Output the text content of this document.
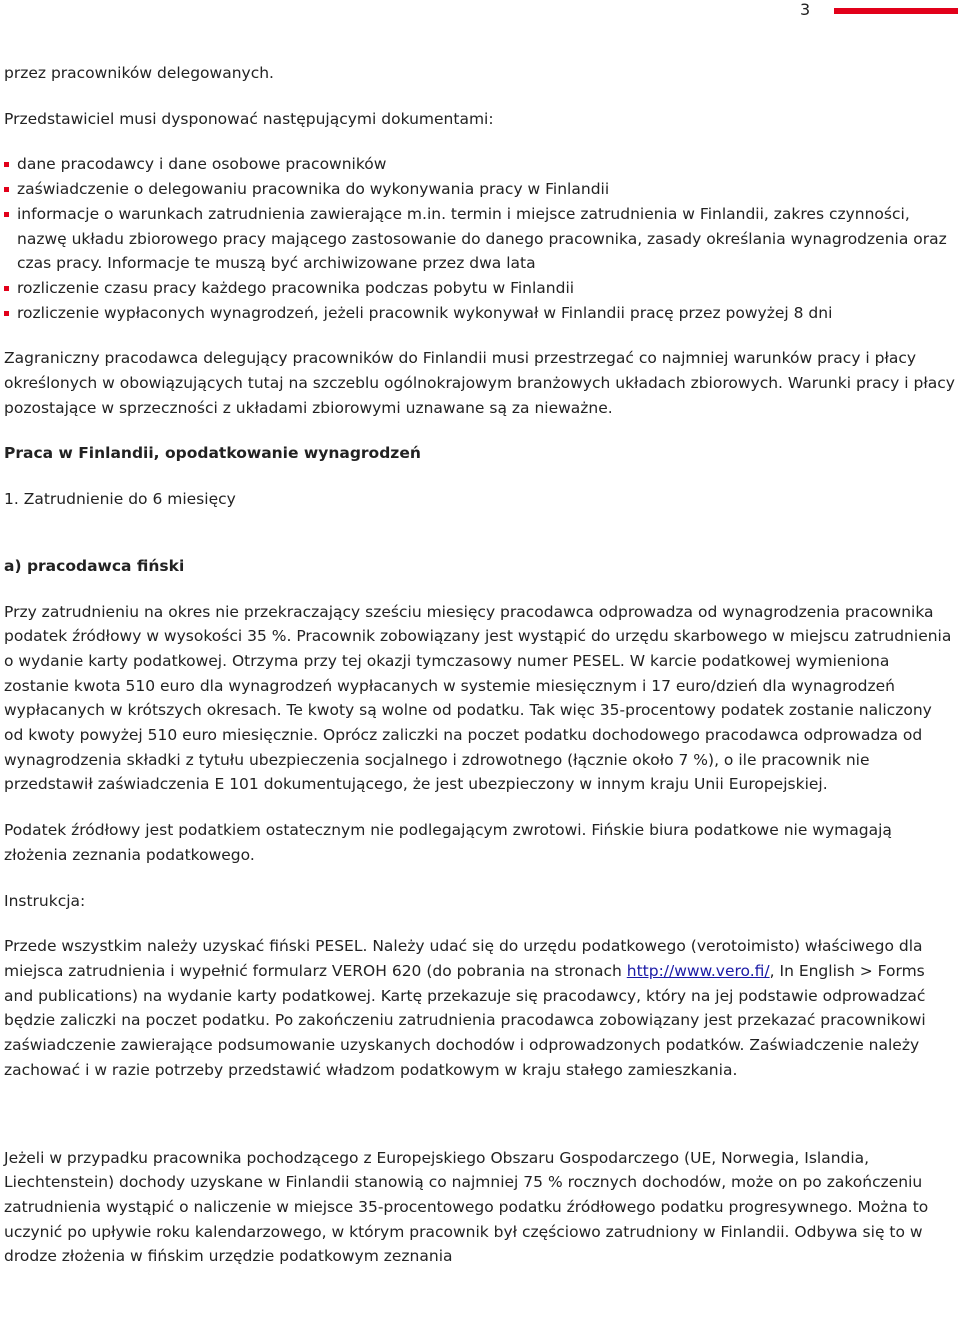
3

przez pracowników delegowanych.

Przedstawiciel musi dysponować następującymi dokumentami:

dane pracodawcy i dane osobowe pracowników
zaświadczenie o delegowaniu pracownika do wykonywania pracy w Finlandii
informacje o warunkach zatrudnienia zawierające m.in. termin i miejsce zatrudnienia w Finlandii, zakres czynności, nazwę układu zbiorowego pracy mającego zastosowanie do danego pracownika, zasady określania wynagrodzenia oraz czas pracy. Informacje te muszą być archiwizowane przez dwa lata
rozliczenie czasu pracy każdego pracownika podczas pobytu w Finlandii
rozliczenie wypłaconych wynagrodzeń, jeżeli pracownik wykonywał w Finlandii pracę przez powyżej 8 dni

Zagraniczny pracodawca delegujący pracowników do Finlandii musi przestrzegać co najmniej warunków pracy i płacy określonych w obowiązujących tutaj na szczeblu ogólnokrajowym branżowych układach zbiorowych. Warunki pracy i płacy pozostające w sprzeczności z układami zbiorowymi uznawane są za nieważne.

Praca w Finlandii, opodatkowanie wynagrodzeń

1. Zatrudnienie do 6 miesięcy

a) pracodawca fiński

Przy zatrudnieniu na okres nie przekraczający sześciu miesięcy pracodawca odprowadza od wynagrodzenia pracownika podatek źródłowy w wysokości 35 %. Pracownik zobowiązany jest wystąpić do urzędu skarbowego w miejscu zatrudnienia o wydanie karty podatkowej. Otrzyma przy tej okazji tymczasowy numer PESEL. W karcie podatkowej wymieniona zostanie kwota 510 euro dla wynagrodzeń wypłacanych w systemie miesięcznym i 17 euro/dzień dla wynagrodzeń wypłacanych w krótszych okresach. Te kwoty są wolne od podatku. Tak więc 35-procentowy podatek zostanie naliczony od kwoty powyżej 510 euro miesięcznie. Oprócz zaliczki na poczet podatku dochodowego pracodawca odprowadza od wynagrodzenia składki z tytułu ubezpieczenia socjalnego i zdrowotnego (łącznie około 7 %), o ile pracownik nie przedstawił zaświadczenia E 101 dokumentującego, że jest ubezpieczony w innym kraju Unii Europejskiej.

Podatek źródłowy jest podatkiem ostatecznym nie podlegającym zwrotowi. Fińskie biura podatkowe nie wymagają złożenia zeznania podatkowego.

Instrukcja:

Przede wszystkim należy uzyskać fiński PESEL. Należy udać się do urzędu podatkowego (verotoimisto) właściwego dla miejsca zatrudnienia i wypełnić formularz VEROH 620 (do pobrania na stronach http://www.vero.fi/, In English > Forms and publications) na wydanie karty podatkowej. Kartę przekazuje się pracodawcy, który na jej podstawie odprowadzać będzie zaliczki na poczet podatku. Po zakończeniu zatrudnienia pracodawca zobowiązany jest przekazać pracownikowi zaświadczenie zawierające podsumowanie uzyskanych dochodów i odprowadzonych podatków. Zaświadczenie należy zachować i w razie potrzeby przedstawić władzom podatkowym w kraju stałego zamieszkania.

Jeżeli w przypadku pracownika pochodzącego z Europejskiego Obszaru Gospodarczego (UE, Norwegia, Islandia, Liechtenstein) dochody uzyskane w Finlandii stanowią co najmniej 75 % rocznych dochodów, może on po zakończeniu zatrudnienia wystąpić o naliczenie w miejsce 35-procentowego podatku źródłowego podatku progresywnego. Można to uczynić po upływie roku kalendarzowego, w którym pracownik był częściowo zatrudniony w Finlandii. Odbywa się to w drodze złożenia w fińskim urzędzie podatkowym zeznania
